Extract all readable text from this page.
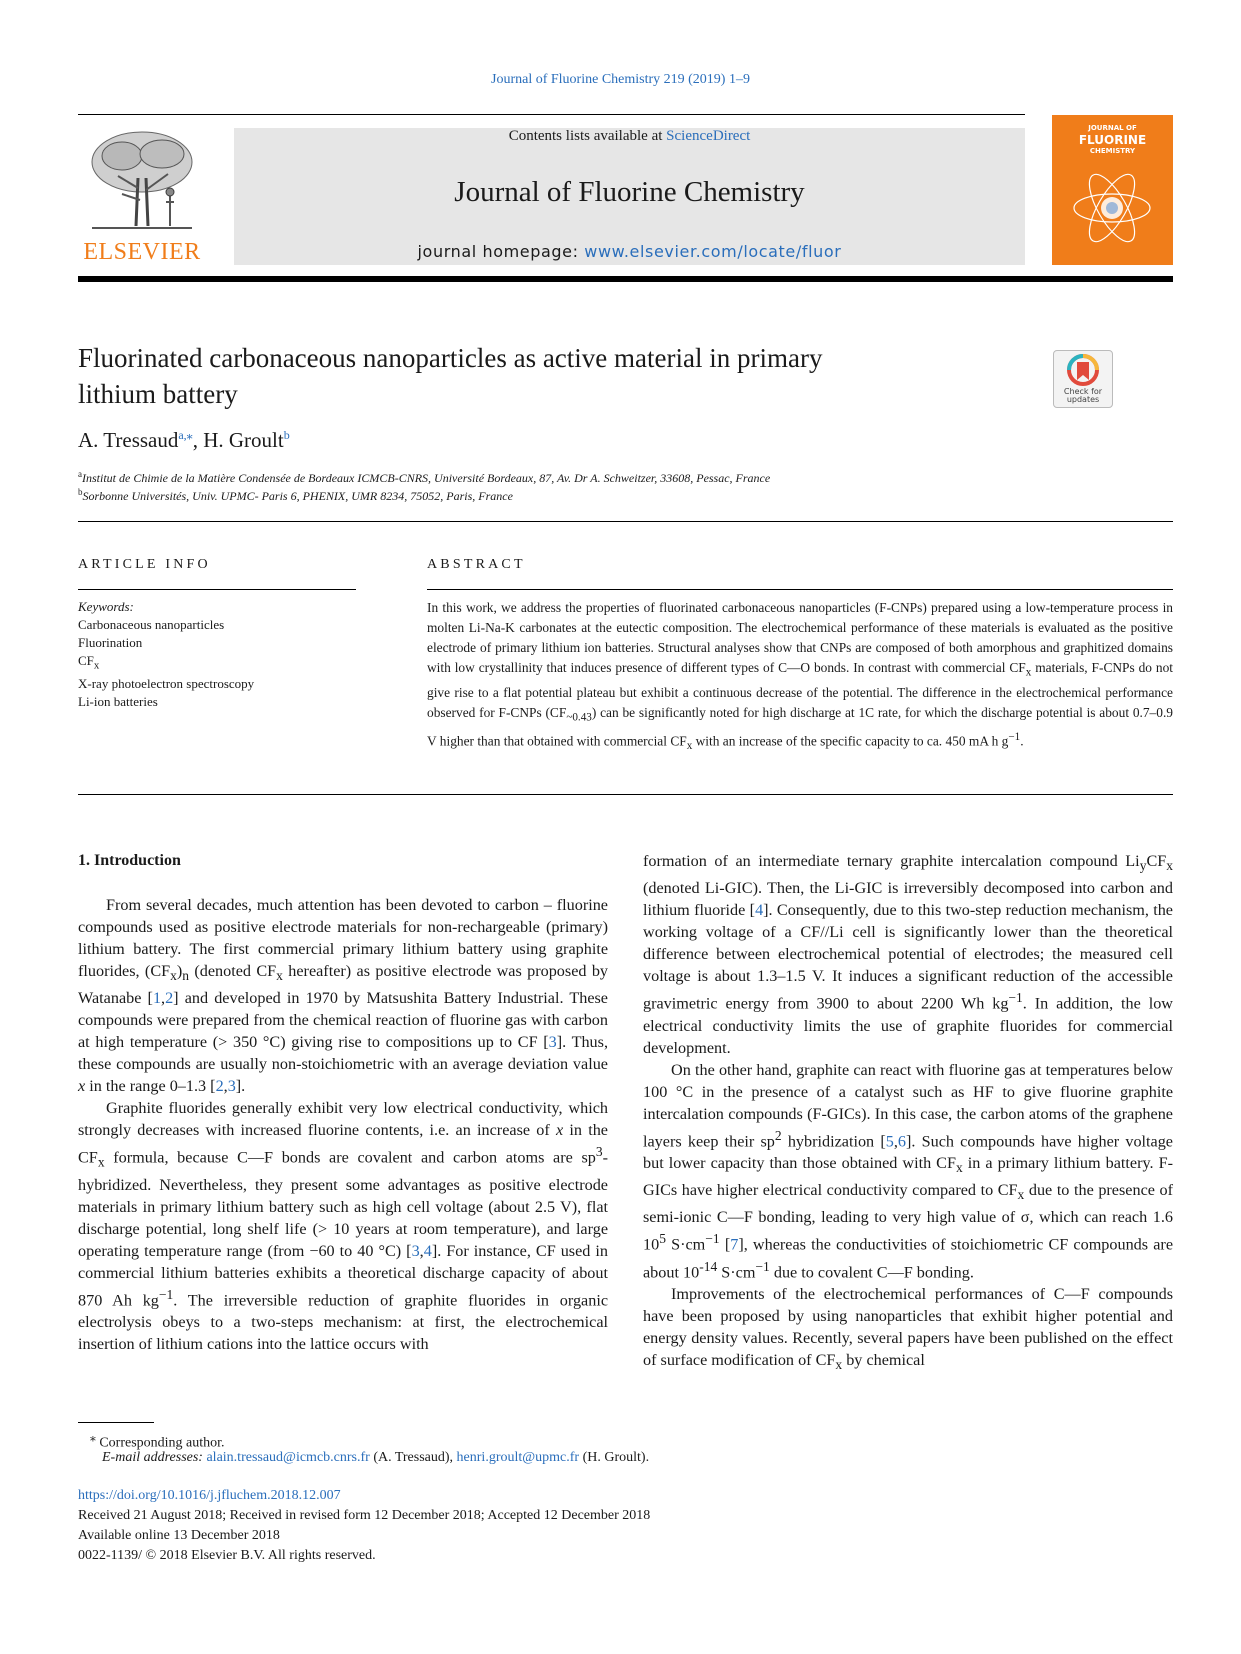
Journal of Fluorine Chemistry 219 (2019) 1–9
ELSEVIER
Contents lists available at ScienceDirect
Journal of Fluorine Chemistry
journal homepage: www.elsevier.com/locate/fluor
JOURNAL OF
FLUORINE
CHEMISTRY
Fluorinated carbonaceous nanoparticles as active material in primary
lithium battery	Check for
updates
A. Tressaud$^{a,⁎}$, H. Groult$^b$
$^a$Institut de Chimie de la Matière Condensée de Bordeaux ICMCB-CNRS, Université Bordeaux, 87, Av. Dr A. Schweitzer, 33608, Pessac, France
$^b$Sorbonne Universités, Univ. UPMC- Paris 6, PHENIX, UMR 8234, 75052, Paris, France
ARTICLE INFO
Keywords:
Carbonaceous nanoparticles
Fluorination
$CF_x$
X-ray photoelectron spectroscopy
Li-ion batteries
ABSTRACT
In this work, we address the properties of fluorinated carbonaceous nanoparticles (F-CNPs) prepared using a low-temperature process in molten Li-Na-K carbonates at the eutectic composition. The electrochemical performance of these materials is evaluated as the positive electrode of primary lithium ion batteries. Structural analyses show that CNPs are composed of both amorphous and graphitized domains with low crystallinity that induces presence of different types of C—O bonds. In contrast with commercial $CF_x$ materials, F-CNPs do not give rise to a flat potential plateau but exhibit a continuous decrease of the potential. The difference in the electrochemical performance observed for F-CNPs $(CF_{\sim 0.43})$ can be significantly noted for high discharge at 1C rate, for which the discharge potential is about 0.7–0.9 V higher than that obtained with commercial $CF_x$ with an increase of the specific capacity to ca. 450 mA h $g^{-1}$.
1. Introduction

From several decades, much attention has been devoted to carbon – fluorine compounds used as positive electrode materials for non-rechargeable (primary) lithium battery. The first commercial primary lithium battery using graphite fluorides, $(CF_x)_n$ (denoted $CF_x$ hereafter) as positive electrode was proposed by Watanabe [1,2] and developed in 1970 by Matsushita Battery Industrial. These compounds were prepared from the chemical reaction of fluorine gas with carbon at high temperature (> 350 °C) giving rise to compositions up to CF [3]. Thus, these compounds are usually non-stoichiometric with an average deviation value x in the range 0–1.3 [2,3].

Graphite fluorides generally exhibit very low electrical conductivity, which strongly decreases with increased fluorine contents, i.e. an increase of x in the $CF_x$ formula, because C—F bonds are covalent and carbon atoms are $sp^3$-hybridized. Nevertheless, they present some advantages as positive electrode materials in primary lithium battery such as high cell voltage (about 2.5 V), flat discharge potential, long shelf life (> 10 years at room temperature), and large operating temperature range (from −60 to 40 °C) [3,4]. For instance, CF used in commercial lithium batteries exhibits a theoretical discharge capacity of about 870 Ah $kg^{-1}$. The irreversible reduction of graphite fluorides in organic electrolysis obeys to a two-steps mechanism: at first, the electrochemical insertion of lithium cations into the lattice occurs with

formation of an intermediate ternary graphite intercalation compound $Li_yCF_x$ (denoted Li-GIC). Then, the Li-GIC is irreversibly decomposed into carbon and lithium fluoride [4]. Consequently, due to this two-step reduction mechanism, the working voltage of a CF//Li cell is significantly lower than the theoretical difference between electrochemical potential of electrodes; the measured cell voltage is about 1.3–1.5 V. It induces a significant reduction of the accessible gravimetric energy from 3900 to about 2200 Wh $kg^{-1}$. In addition, the low electrical conductivity limits the use of graphite fluorides for commercial development.

On the other hand, graphite can react with fluorine gas at temperatures below 100 °C in the presence of a catalyst such as HF to give fluorine graphite intercalation compounds (F-GICs). In this case, the carbon atoms of the graphene layers keep their $sp^2$ hybridization [5,6]. Such compounds have higher voltage but lower capacity than those obtained with $CF_x$ in a primary lithium battery. F-GICs have higher electrical conductivity compared to $CF_x$ due to the presence of semi-ionic C—F bonding, leading to very high value of σ, which can reach 1.6 $10^5$ $S\cdot cm^{-1}$ [7], whereas the conductivities of stoichiometric CF compounds are about $10^{-14}$ $S\cdot cm^{-1}$ due to covalent C—F bonding.

Improvements of the electrochemical performances of C—F compounds have been proposed by using nanoparticles that exhibit higher potential and energy density values. Recently, several papers have been published on the effect of surface modification of $CF_x$ by chemical

⁎ Corresponding author.
E-mail addresses: alain.tressaud@icmcb.cnrs.fr (A. Tressaud), henri.groult@upmc.fr (H. Groult).
https://doi.org/10.1016/j.jfluchem.2018.12.007
Received 21 August 2018; Received in revised form 12 December 2018; Accepted 12 December 2018
Available online 13 December 2018
0022-1139/ © 2018 Elsevier B.V. All rights reserved.
